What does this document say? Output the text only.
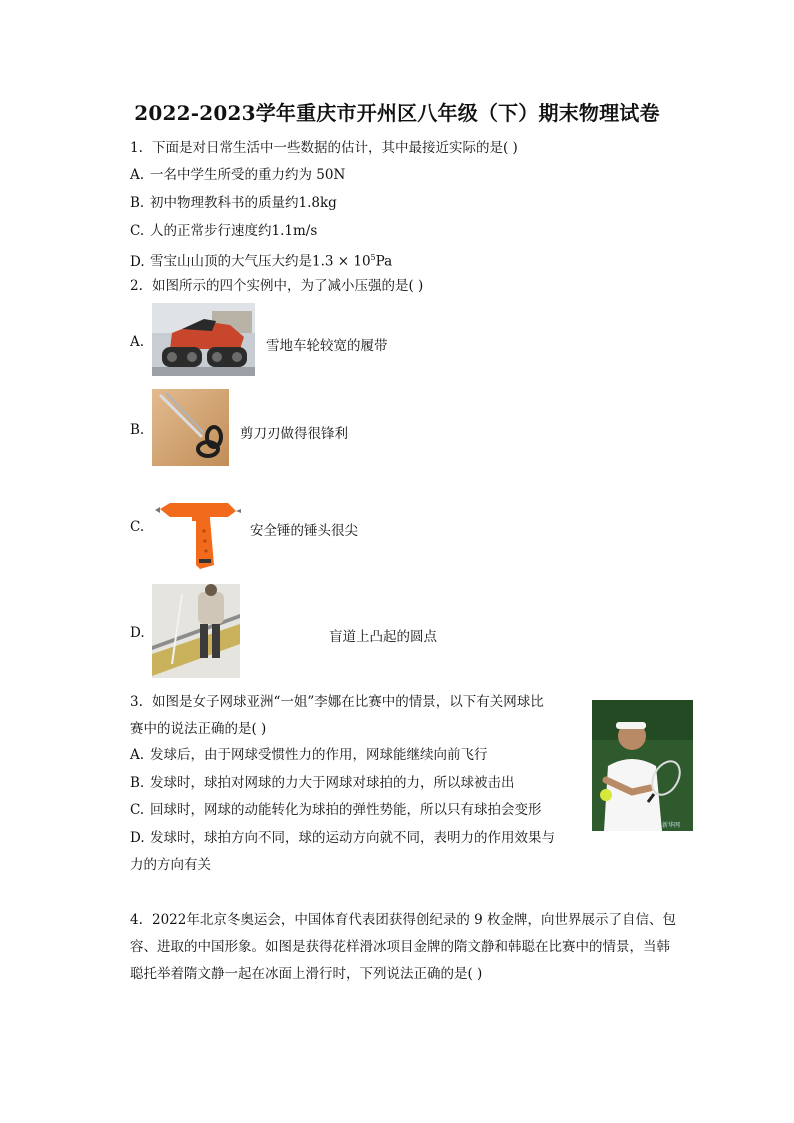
2022-2023学年重庆市开州区八年级（下）期末物理试卷
1. 下面是对日常生活中一些数据的估计，其中最接近实际的是( )
A. 一名中学生所受的重力约为 50N
B. 初中物理教科书的质量约1.8kg
C. 人的正常步行速度约1.1m/s
D. 雪宝山山顶的大气压大约是$1.3 \times 10^5Pa$
2. 如图所示的四个实例中，为了减小压强的是( )
A.	雪地车轮较宽的履带
B.	剪刀刃做得很锋利
C.	安全锤的锤头很尖
D.	盲道上凸起的圆点
3. 如图是女子网球亚洲“一姐”李娜在比赛中的情景，以下有关网球比
赛中的说法正确的是( )
A. 发球后，由于网球受惯性力的作用，网球能继续向前飞行
B. 发球时，球拍对网球的力大于网球对球拍的力，所以球被击出
C. 回球时，网球的动能转化为球拍的弹性势能，所以只有球拍会变形
D. 发球时，球拍方向不同，球的运动方向就不同，表明力的作用效果与
力的方向有关
新华网
4. 2022年北京冬奥运会，中国体育代表团获得创纪录的 9 枚金牌，向世界展示了自信、包
容、进取的中国形象。如图是获得花样滑冰项目金牌的隋文静和韩聪在比赛中的情景，当韩
聪托举着隋文静一起在冰面上滑行时，下列说法正确的是( )
